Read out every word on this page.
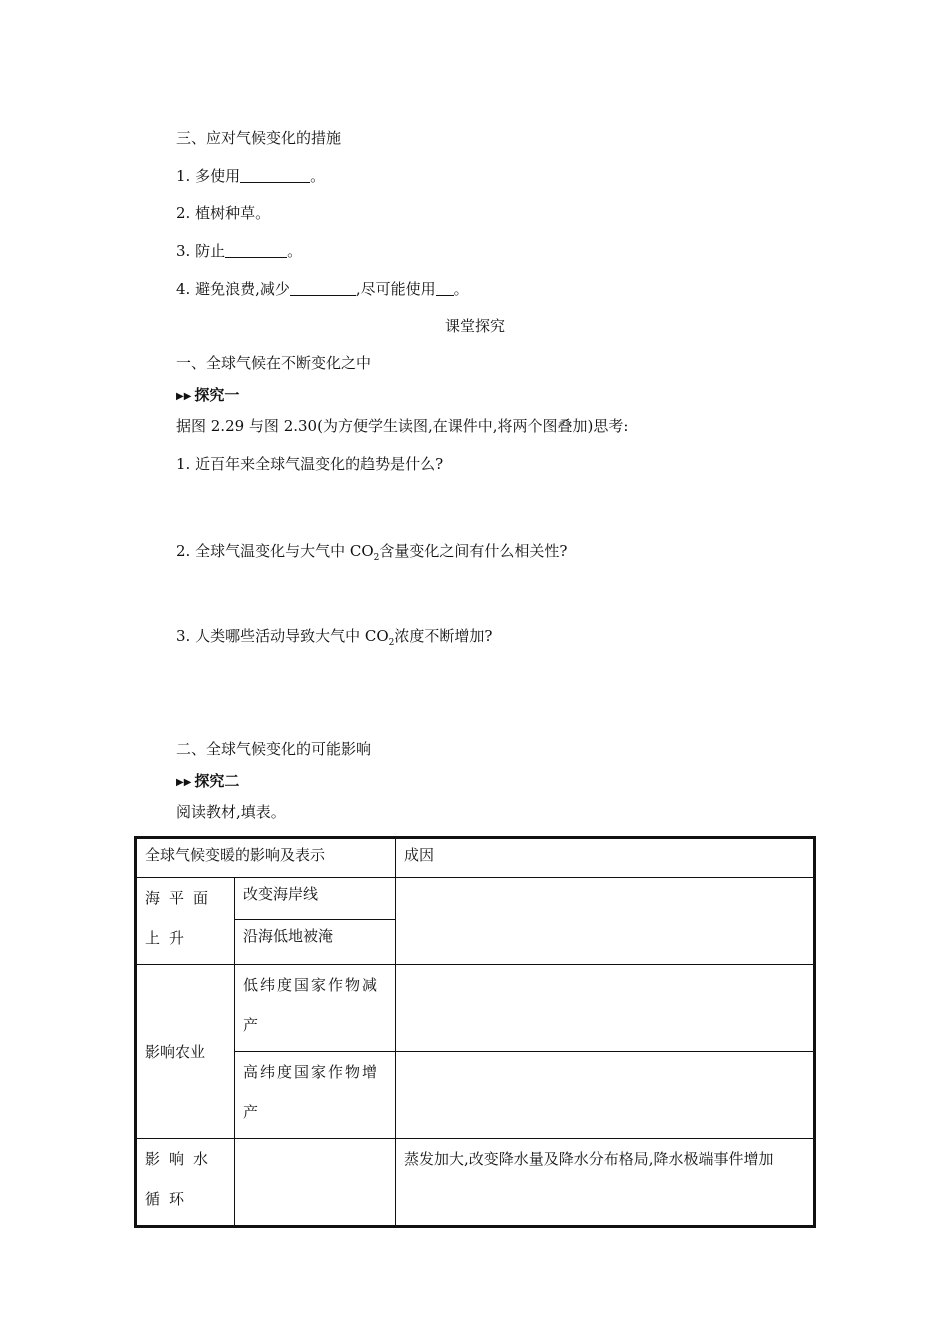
三、应对气候变化的措施
1. 多使用	。
2. 植树种草。
3. 防止	。
4. 避免浪费,减少	,尽可能使用 。
课堂探究
一、全球气候在不断变化之中
▶▶ 探究一
据图 2.29 与图 2.30(为方便学生读图,在课件中,将两个图叠加)思考:
1. 近百年来全球气温变化的趋势是什么?
2. 全球气温变化与大气中 $CO_2$含量变化之间有什么相关性?
3. 人类哪些活动导致大气中 $CO_2$浓度不断增加?
二、全球气候变化的可能影响
▶▶ 探究二
阅读教材,填表。
全球气候变暖的影响及表示		成因

海平面上升	改变海岸线	

	沿海低地被淹	

影响农业	低纬度国家作物减产	

	高纬度国家作物增产	

影响水循环		蒸发加大,改变降水量及降水分布格局,降水极端事件增加
